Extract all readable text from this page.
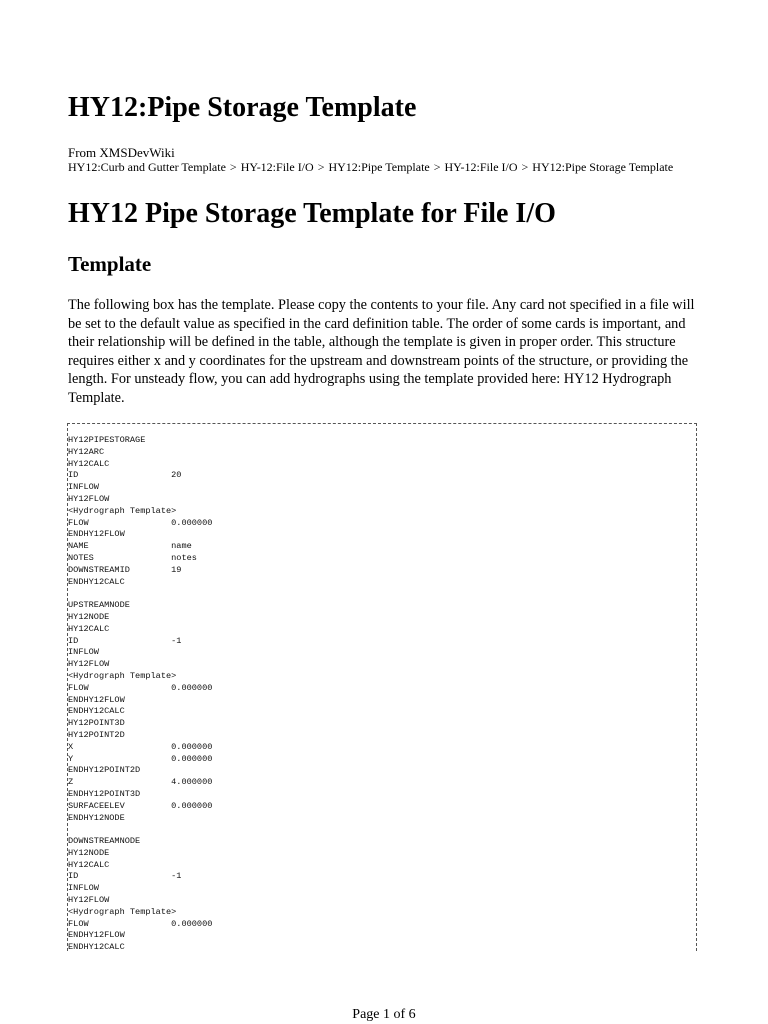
HY12:Pipe Storage Template
From XMSDevWiki
HY12:Curb and Gutter Template > HY-12:File I/O > HY12:Pipe Template > HY-12:File I/O > HY12:Pipe Storage Template
HY12 Pipe Storage Template for File I/O
Template

The following box has the template. Please copy the contents to your file. Any card not specified in a file will be set to the default value as specified in the card definition table. The order of some cards is important, and their relationship will be defined in the table, although the template is given in proper order. This structure requires either x and y coordinates for the upstream and downstream points of the structure, or providing the length. For unsteady flow, you can add hydrographs using the template provided here: HY12 Hydrograph Template.

HY12PIPESTORAGE
HY12ARC
HY12CALC
ID                  20
INFLOW
HY12FLOW
<Hydrograph Template>
FLOW                0.000000
ENDHY12FLOW
NAME                name
NOTES               notes
DOWNSTREAMID        19
ENDHY12CALC
UPSTREAMNODE
HY12NODE
HY12CALC
ID                  -1
INFLOW
HY12FLOW
<Hydrograph Template>
FLOW                0.000000
ENDHY12FLOW
ENDHY12CALC
HY12POINT3D
HY12POINT2D
X                   0.000000
Y                   0.000000
ENDHY12POINT2D
Z                   4.000000
ENDHY12POINT3D
SURFACEELEV         0.000000
ENDHY12NODE
DOWNSTREAMNODE
HY12NODE
HY12CALC
ID                  -1
INFLOW
HY12FLOW
<Hydrograph Template>
FLOW                0.000000
ENDHY12FLOW
ENDHY12CALC
Page 1 of 6
